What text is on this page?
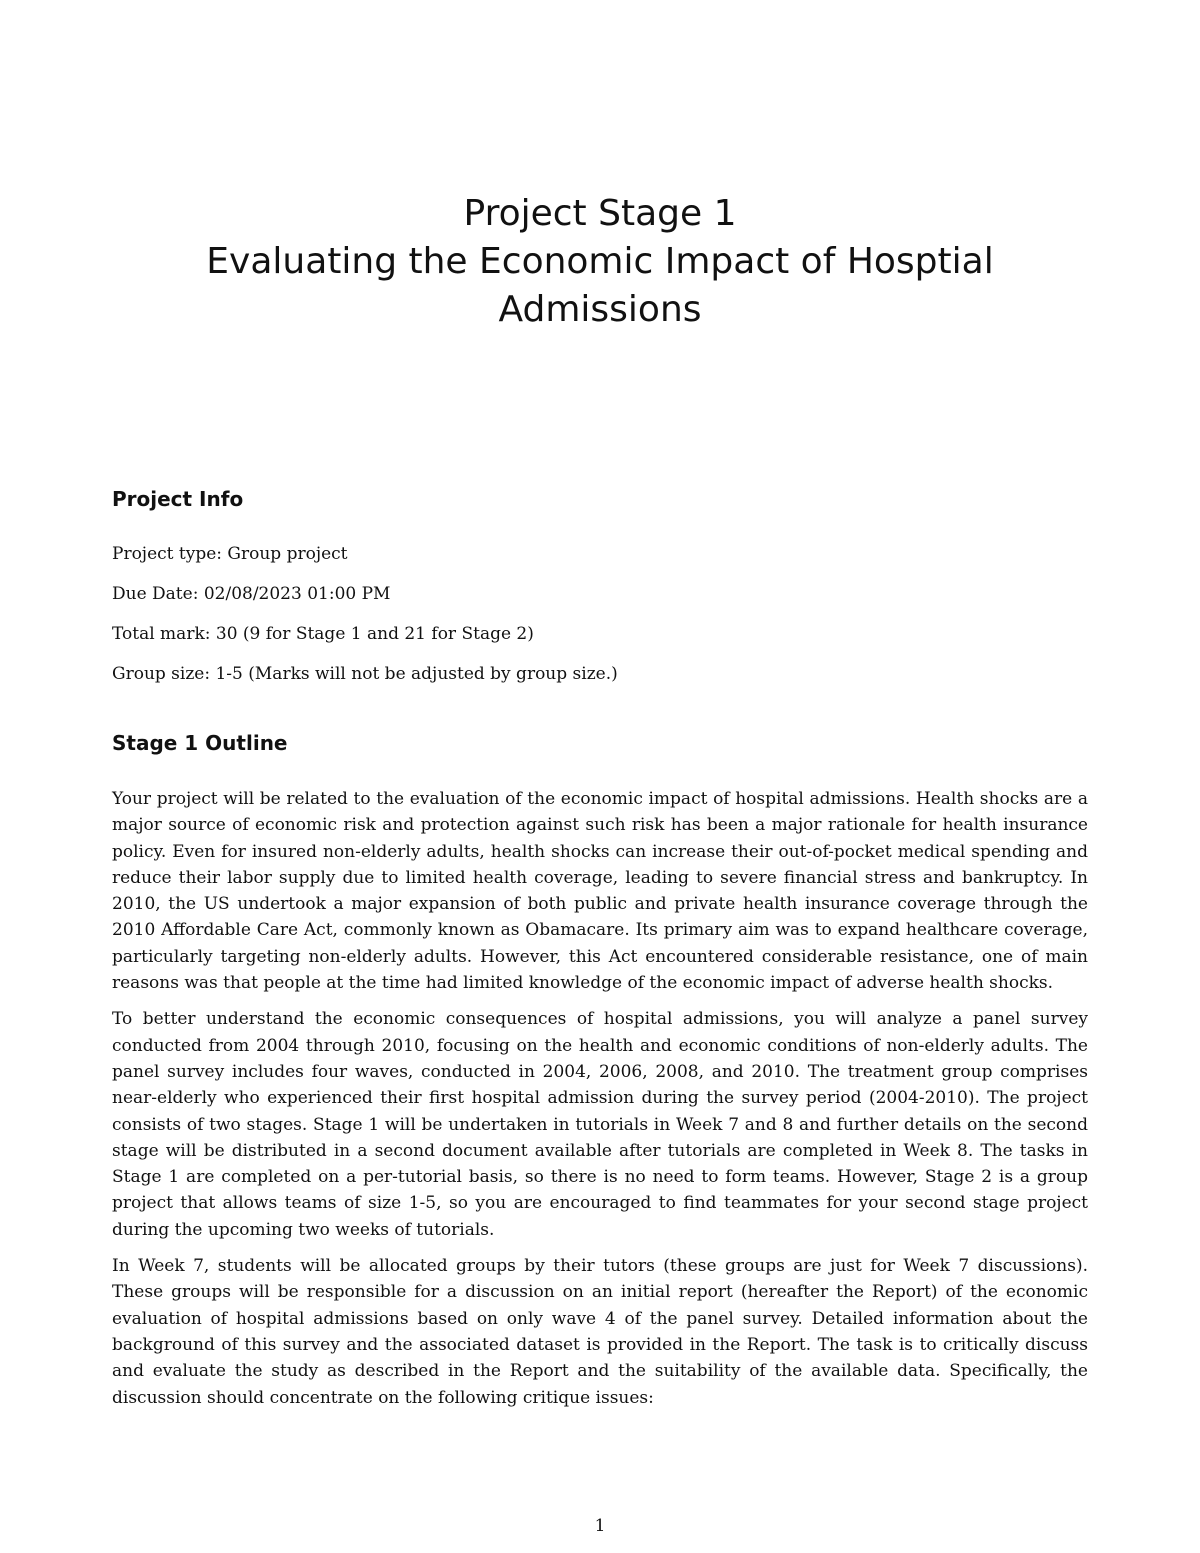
Project Stage 1
Evaluating the Economic Impact of Hosptial
Admissions
Project Info
Project type: Group project
Due Date: 02/08/2023 01:00 PM
Total mark: 30 (9 for Stage 1 and 21 for Stage 2)
Group size: 1-5 (Marks will not be adjusted by group size.)
Stage 1 Outline

Your project will be related to the evaluation of the economic impact of hospital admissions. Health shocks are a major source of economic risk and protection against such risk has been a major rationale for health insurance policy. Even for insured non-elderly adults, health shocks can increase their out-of-pocket medical spending and reduce their labor supply due to limited health coverage, leading to severe financial stress and bankruptcy. In 2010, the US undertook a major expansion of both public and private health insurance coverage through the 2010 Affordable Care Act, commonly known as Obamacare. Its primary aim was to expand healthcare coverage, particularly targeting non-elderly adults. However, this Act encountered considerable resistance, one of main reasons was that people at the time had limited knowledge of the economic impact of adverse health shocks.

To better understand the economic consequences of hospital admissions, you will analyze a panel survey conducted from 2004 through 2010, focusing on the health and economic conditions of non-elderly adults. The panel survey includes four waves, conducted in 2004, 2006, 2008, and 2010. The treatment group comprises near-elderly who experienced their first hospital admission during the survey period (2004-2010). The project consists of two stages. Stage 1 will be undertaken in tutorials in Week 7 and 8 and further details on the second stage will be distributed in a second document available after tutorials are completed in Week 8. The tasks in Stage 1 are completed on a per-tutorial basis, so there is no need to form teams. However, Stage 2 is a group project that allows teams of size 1-5, so you are encouraged to find teammates for your second stage project during the upcoming two weeks of tutorials.

In Week 7, students will be allocated groups by their tutors (these groups are just for Week 7 discussions). These groups will be responsible for a discussion on an initial report (hereafter the Report) of the economic evaluation of hospital admissions based on only wave 4 of the panel survey. Detailed information about the background of this survey and the associated dataset is provided in the Report. The task is to critically discuss and evaluate the study as described in the Report and the suitability of the available data. Specifically, the discussion should concentrate on the following critique issues:

1
